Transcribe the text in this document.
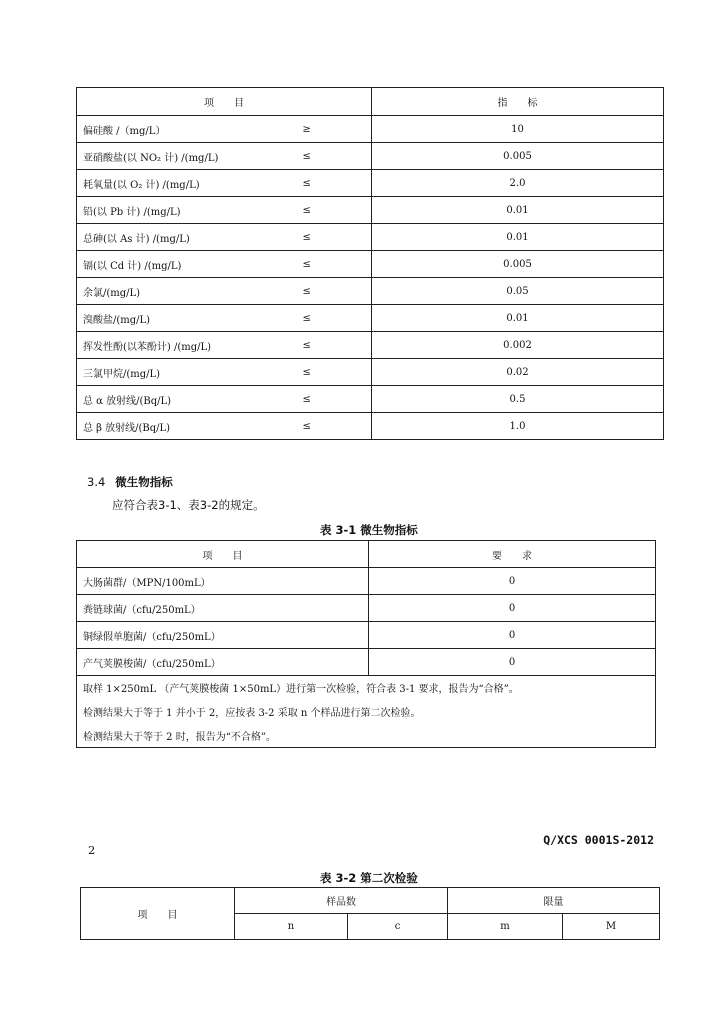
项　　目		指　　标
偏硅酸 /（mg/L）	≥	10
亚硝酸盐(以 NO₂ 计) /(mg/L)	≤	0.005
耗氧量(以 O₂ 计) /(mg/L)	≤	2.0
铅(以 Pb 计) /(mg/L)	≤	0.01
总砷(以 As 计) /(mg/L)	≤	0.01
镉(以 Cd 计) /(mg/L)	≤	0.005
余氯/(mg/L)	≤	0.05
溴酸盐/(mg/L)	≤	0.01
挥发性酚(以苯酚计) /(mg/L)	≤	0.002
三氯甲烷/(mg/L)	≤	0.02
总 α 放射线/(Bq/L)	≤	0.5
总 β 放射线/(Bq/L)	≤	1.0
3.4 微生物指标
应符合表3-1、表3-2的规定。
表 3-1 微生物指标
项　　目	要　　求
大肠菌群/（MPN/100mL）	0
粪链球菌/（cfu/250mL）	0
铜绿假单胞菌/（cfu/250mL）	0
产气荚膜梭菌/（cfu/250mL）	0
取样 1×250mL （产气荚膜梭菌 1×50mL）进行第一次检验，符合表 3-1 要求，报告为“合格”。	
检测结果大于等于 1 并小于 2，应按表 3-2 采取 n 个样品进行第二次检验。	
检测结果大于等于 2 时，报告为“不合格”。	
Q/XCS 0001S-2012
2
表 3-2 第二次检验
项　　目	样品数		限量	
	n	c	m	M
